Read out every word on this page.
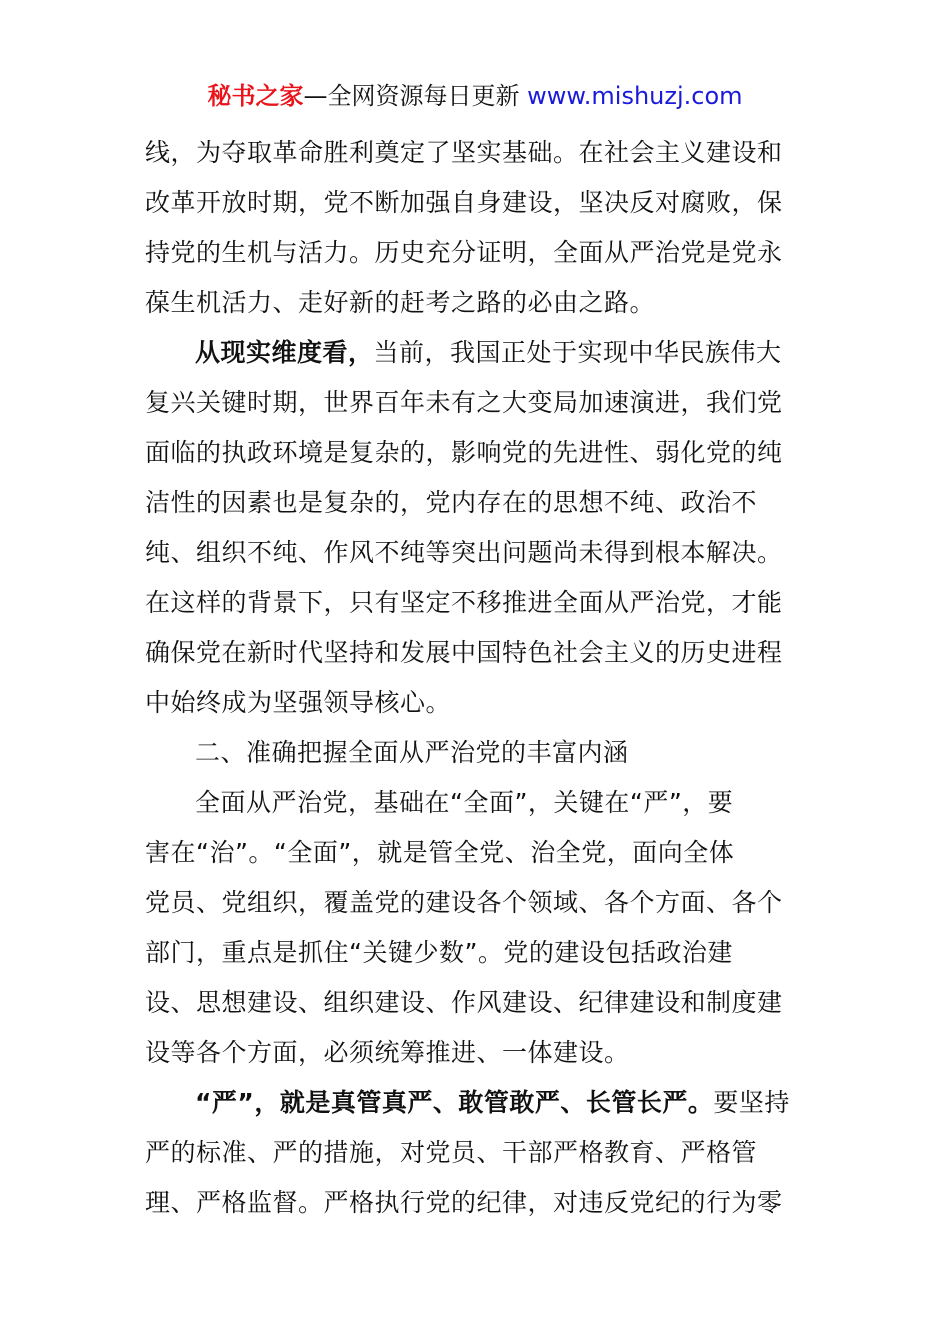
秘书之家—全网资源每日更新 www.mishuzj.com
线，为夺取革命胜利奠定了坚实基础。在社会主义建设和
改革开放时期，党不断加强自身建设，坚决反对腐败，保
持党的生机与活力。历史充分证明，全面从严治党是党永
葆生机活力、走好新的赶考之路的必由之路。
从现实维度看，当前，我国正处于实现中华民族伟大
复兴关键时期，世界百年未有之大变局加速演进，我们党
面临的执政环境是复杂的，影响党的先进性、弱化党的纯
洁性的因素也是复杂的，党内存在的思想不纯、政治不
纯、组织不纯、作风不纯等突出问题尚未得到根本解决。
在这样的背景下，只有坚定不移推进全面从严治党，才能
确保党在新时代坚持和发展中国特色社会主义的历史进程
中始终成为坚强领导核心。
二、准确把握全面从严治党的丰富内涵
全面从严治党，基础在“全面”，关键在“严”，要
害在“治”。“全面”，就是管全党、治全党，面向全体
党员、党组织，覆盖党的建设各个领域、各个方面、各个
部门，重点是抓住“关键少数”。党的建设包括政治建
设、思想建设、组织建设、作风建设、纪律建设和制度建
设等各个方面，必须统筹推进、一体建设。
“严”，就是真管真严、敢管敢严、长管长严。要坚持
严的标准、严的措施，对党员、干部严格教育、严格管
理、严格监督。严格执行党的纪律，对违反党纪的行为零
